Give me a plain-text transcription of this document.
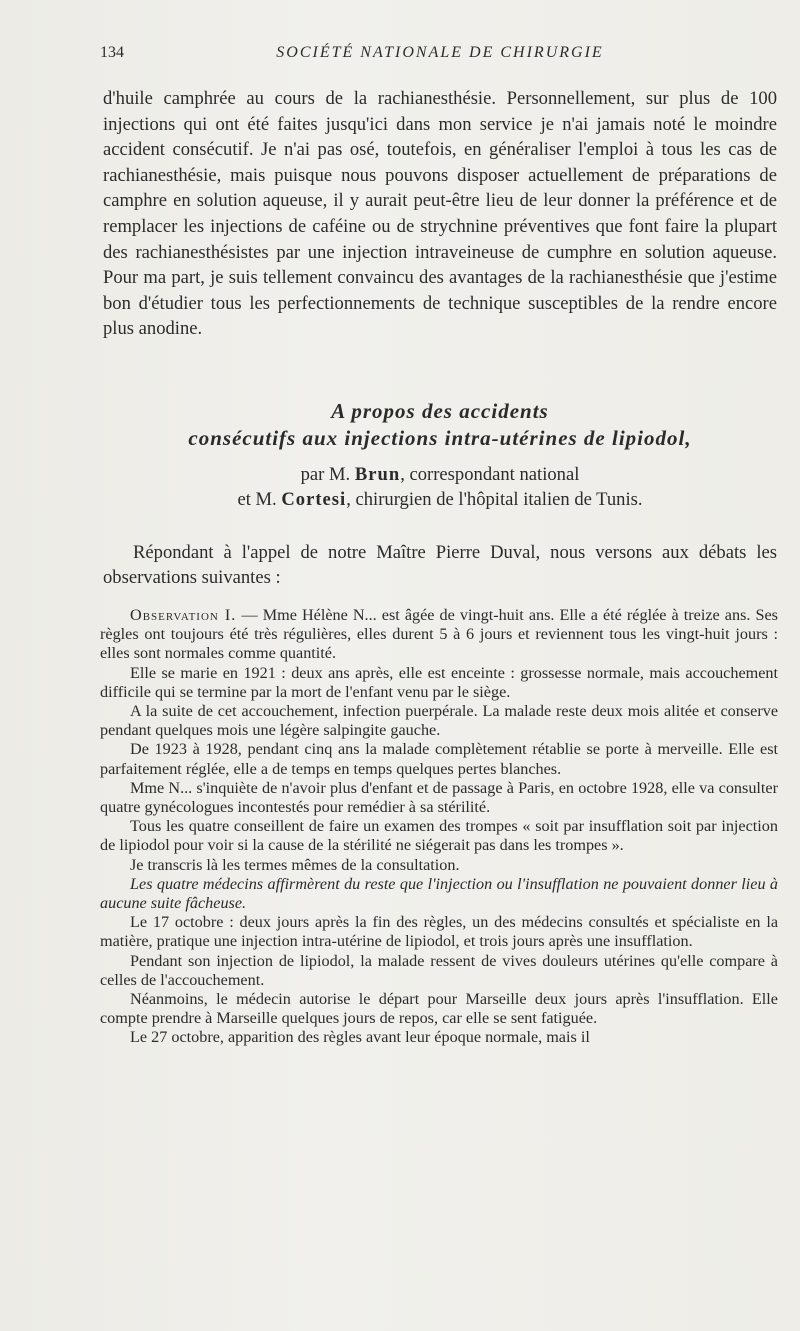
134	SOCIÉTÉ NATIONALE DE CHIRURGIE

d'huile camphrée au cours de la rachianesthésie. Personnellement, sur plus de 100 injections qui ont été faites jusqu'ici dans mon service je n'ai jamais noté le moindre accident consécutif. Je n'ai pas osé, toutefois, en généraliser l'emploi à tous les cas de rachianesthésie, mais puisque nous pouvons disposer actuellement de préparations de camphre en solution aqueuse, il y aurait peut-être lieu de leur donner la préférence et de remplacer les injections de caféine ou de strychnine préventives que font faire la plupart des rachianesthésistes par une injection intraveineuse de cumphre en solution aqueuse. Pour ma part, je suis tellement convaincu des avantages de la rachianesthésie que j'estime bon d'étudier tous les perfectionnements de technique susceptibles de la rendre encore plus anodine.

A propos des accidents
consécutifs aux injections intra-utérines de lipiodol,
par M. Brun, correspondant national
et M. Cortesi, chirurgien de l'hôpital italien de Tunis.

Répondant à l'appel de notre Maître Pierre Duval, nous versons aux débats les observations suivantes :

Observation I. — Mme Hélène N... est âgée de vingt-huit ans. Elle a été réglée à treize ans. Ses règles ont toujours été très régulières, elles durent 5 à 6 jours et reviennent tous les vingt-huit jours : elles sont normales comme quantité.

Elle se marie en 1921 : deux ans après, elle est enceinte : grossesse normale, mais accouchement difficile qui se termine par la mort de l'enfant venu par le siège.

A la suite de cet accouchement, infection puerpérale. La malade reste deux mois alitée et conserve pendant quelques mois une légère salpingite gauche.

De 1923 à 1928, pendant cinq ans la malade complètement rétablie se porte à merveille. Elle est parfaitement réglée, elle a de temps en temps quelques pertes blanches.

Mme N... s'inquiète de n'avoir plus d'enfant et de passage à Paris, en octobre 1928, elle va consulter quatre gynécologues incontestés pour remédier à sa stérilité.

Tous les quatre conseillent de faire un examen des trompes « soit par insufflation soit par injection de lipiodol pour voir si la cause de la stérilité ne siégerait pas dans les trompes ».

Je transcris là les termes mêmes de la consultation.

Les quatre médecins affirmèrent du reste que l'injection ou l'insufflation ne pouvaient donner lieu à aucune suite fâcheuse.

Le 17 octobre : deux jours après la fin des règles, un des médecins consultés et spécialiste en la matière, pratique une injection intra-utérine de lipiodol, et trois jours après une insufflation.

Pendant son injection de lipiodol, la malade ressent de vives douleurs utérines qu'elle compare à celles de l'accouchement.

Néanmoins, le médecin autorise le départ pour Marseille deux jours après l'insufflation. Elle compte prendre à Marseille quelques jours de repos, car elle se sent fatiguée.

Le 27 octobre, apparition des règles avant leur époque normale, mais il
